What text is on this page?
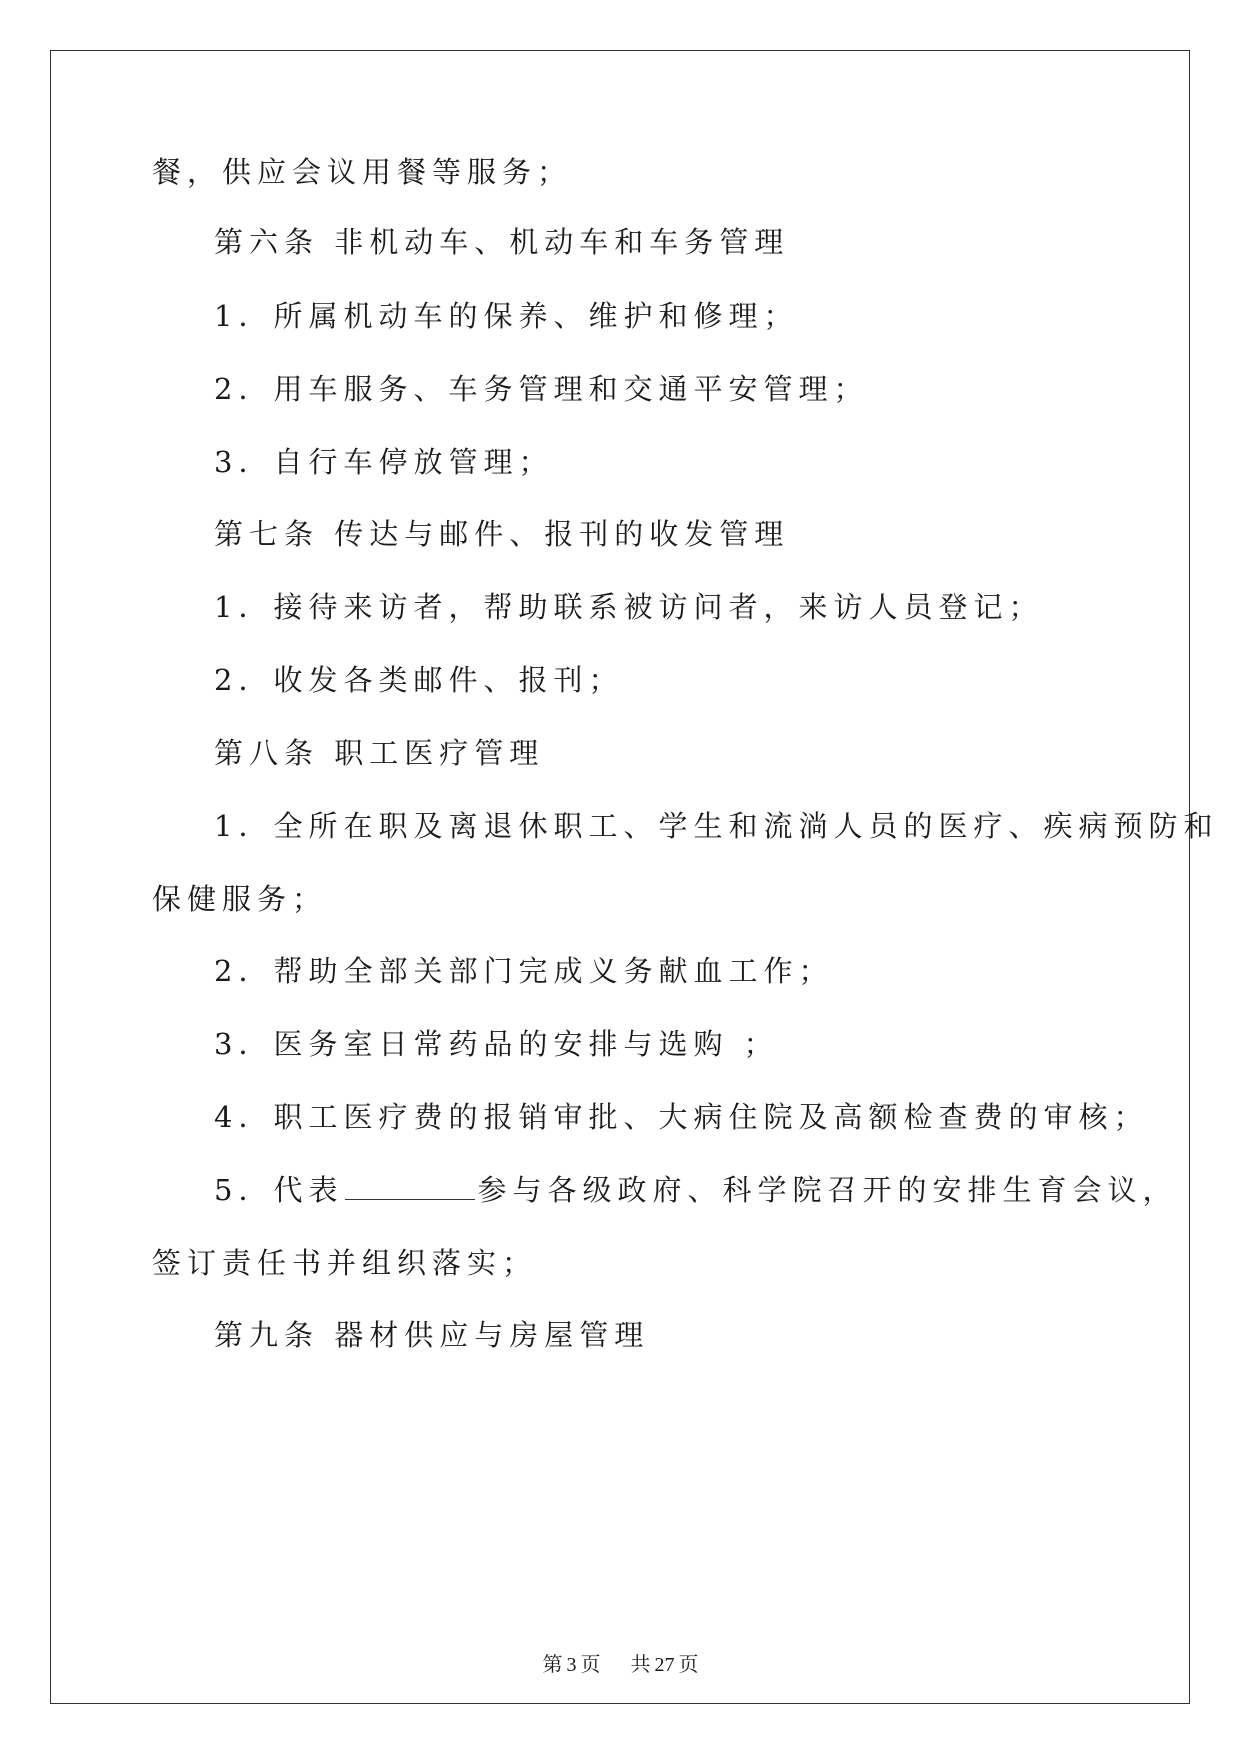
餐，供应会议用餐等服务；
第六条 非机动车、机动车和车务管理
1．所属机动车的保养、维护和修理；
2．用车服务、车务管理和交通平安管理；
3．自行车停放管理；
第七条 传达与邮件、报刊的收发管理
1．接待来访者，帮助联系被访问者，来访人员登记；
2．收发各类邮件、报刊；
第八条 职工医疗管理
1．全所在职及离退休职工、学生和流淌人员的医疗、疾病预防和
保健服务；
2．帮助全部关部门完成义务献血工作；
3．医务室日常药品的安排与选购 ；
4．职工医疗费的报销审批、大病住院及高额检查费的审核；
5．代表	参与各级政府、科学院召开的安排生育会议，
签订责任书并组织落实；
第九条 器材供应与房屋管理
第 3 页 共 27 页
